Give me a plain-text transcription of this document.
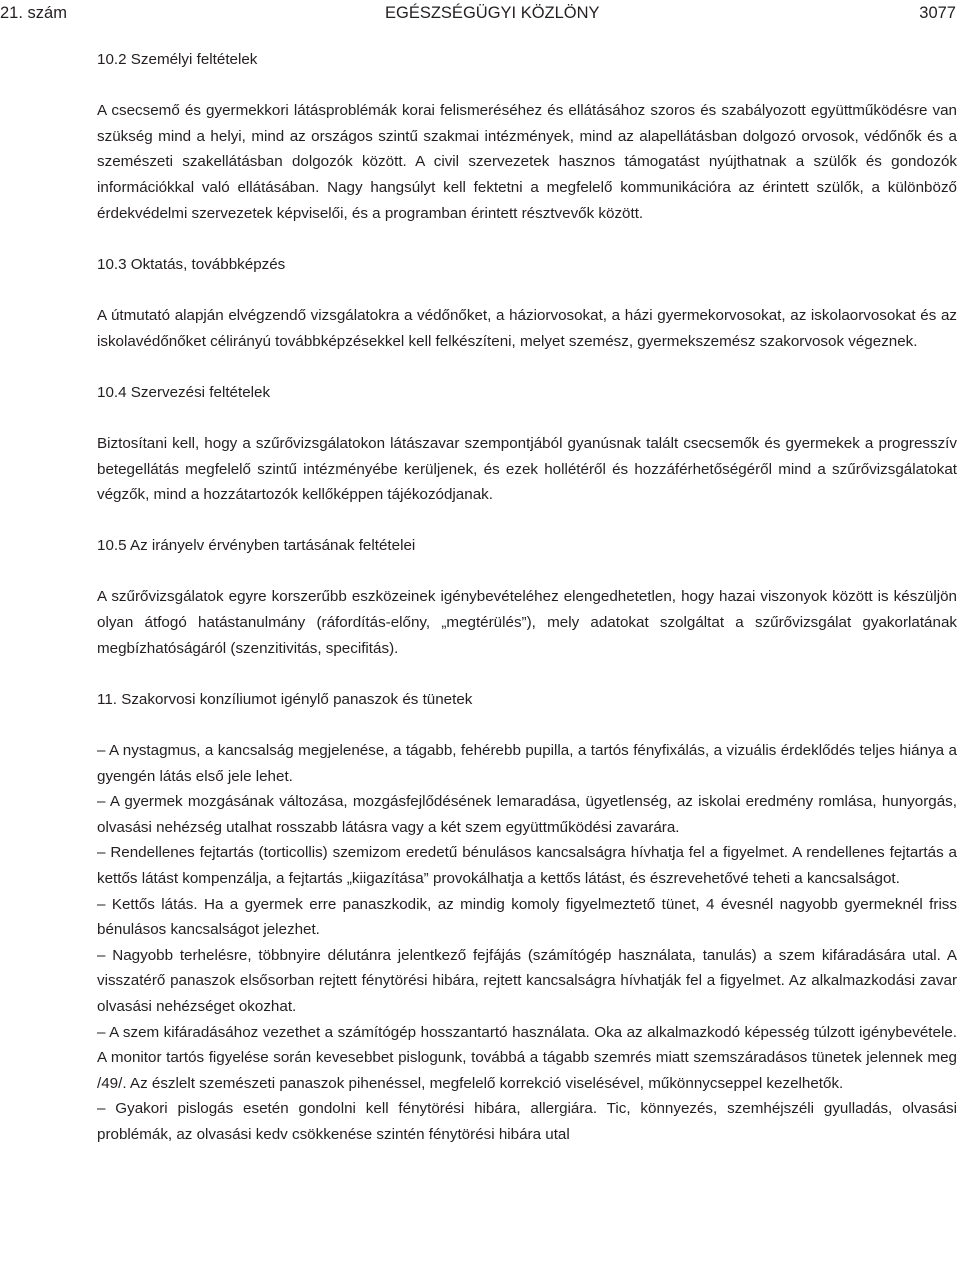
21. szám	EGÉSZSÉGÜGYI KÖZLÖNY	3077
10.2 Személyi feltételek

A csecsemő és gyermekkori látásproblémák korai felismeréséhez és ellátásához szoros és szabályozott együttműködésre van szükség mind a helyi, mind az országos szintű szakmai intézmények, mind az alapellátásban dolgozó orvosok, védőnők és a szemészeti szakellátásban dolgozók között. A civil szervezetek hasznos támogatást nyújthatnak a szülők és gondozók információkkal való ellátásában. Nagy hangsúlyt kell fektetni a megfelelő kommunikációra az érintett szülők, a különböző érdekvédelmi szervezetek képviselői, és a programban érintett résztvevők között.

10.3 Oktatás, továbbképzés

A útmutató alapján elvégzendő vizsgálatokra a védőnőket, a háziorvosokat, a házi gyermekorvosokat, az iskolaorvosokat és az iskolavédőnőket célirányú továbbképzésekkel kell felkészíteni, melyet szemész, gyermekszemész szakorvosok végeznek.

10.4 Szervezési feltételek

Biztosítani kell, hogy a szűrővizsgálatokon látászavar szempontjából gyanúsnak talált csecsemők és gyermekek a progresszív betegellátás megfelelő szintű intézményébe kerüljenek, és ezek hollétéről és hozzáférhetőségéről mind a szűrővizsgálatokat végzők, mind a hozzátartozók kellőképpen tájékozódjanak.

10.5 Az irányelv érvényben tartásának feltételei

A szűrővizsgálatok egyre korszerűbb eszközeinek igénybevételéhez elengedhetetlen, hogy hazai viszonyok között is készüljön olyan átfogó hatástanulmány (ráfordítás-előny, „megtérülés”), mely adatokat szolgáltat a szűrővizsgálat gyakorlatának megbízhatóságáról (szenzitivitás, specifitás).

11. Szakorvosi konzíliumot igénylő panaszok és tünetek

– A nystagmus, a kancsalság megjelenése, a tágabb, fehérebb pupilla, a tartós fényfixálás, a vizuális érdeklődés teljes hiánya a gyengén látás első jele lehet.

– A gyermek mozgásának változása, mozgásfejlődésének lemaradása, ügyetlenség, az iskolai eredmény romlása, hunyorgás, olvasási nehézség utalhat rosszabb látásra vagy a két szem együttműködési zavarára.

– Rendellenes fejtartás (torticollis) szemizom eredetű bénulásos kancsalságra hívhatja fel a figyelmet. A rendellenes fejtartás a kettős látást kompenzálja, a fejtartás „kiigazítása” provokálhatja a kettős látást, és észrevehetővé teheti a kancsalságot.

– Kettős látás. Ha a gyermek erre panaszkodik, az mindig komoly figyelmeztető tünet, 4 évesnél nagyobb gyermeknél friss bénulásos kancsalságot jelezhet.

– Nagyobb terhelésre, többnyire délutánra jelentkező fejfájás (számítógép használata, tanulás) a szem kifáradására utal. A visszatérő panaszok elsősorban rejtett fénytörési hibára, rejtett kancsalságra hívhatják fel a figyelmet. Az alkalmazkodási zavar olvasási nehézséget okozhat.

– A szem kifáradásához vezethet a számítógép hosszantartó használata. Oka az alkalmazkodó képesség túlzott igénybevétele. A monitor tartós figyelése során kevesebbet pislogunk, továbbá a tágabb szemrés miatt szemszáradásos tünetek jelennek meg /49/. Az észlelt szemészeti panaszok pihenéssel, megfelelő korrekció viselésével, műkönnycseppel kezelhetők.

– Gyakori pislogás esetén gondolni kell fénytörési hibára, allergiára. Tic, könnyezés, szemhéjszéli gyulladás, olvasási problémák, az olvasási kedv csökkenése szintén fénytörési hibára utal
